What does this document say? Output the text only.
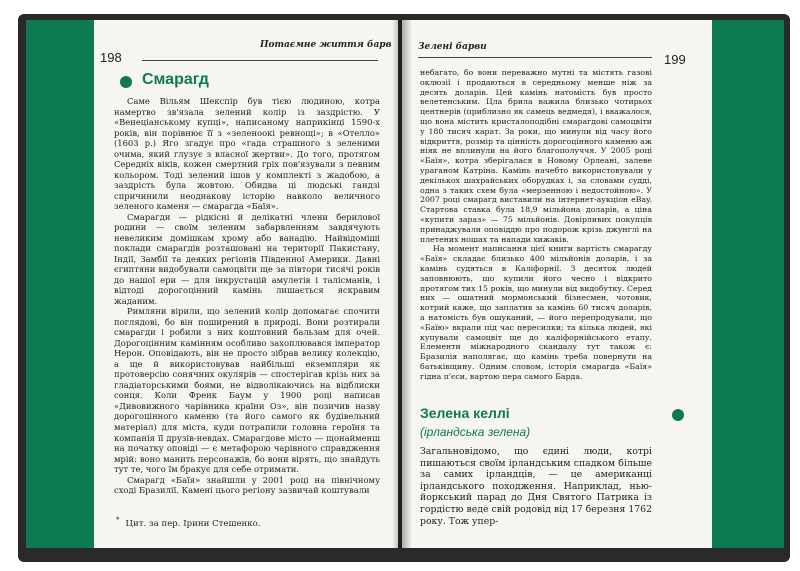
198
Потаємне життя барв
Смарагд

Саме Вільям Шекспір був тією людиною, котра намертво зв'язала зелений колір із заздрістю. У «Венеціанському купці», написаному наприкінці 1590-х років, він порівнює її з «зеленоокі ревнощі»; в «Отелло» (1603 р.) Яго згадує про «гада страшного з зеленими очима, який глузує з власної жертви». До того, протягом Середніх віків, кожен смертний гріх пов'язували з певним кольором. Тоді зелений ішов у комплекті з жадобою, а заздрість була жовтою. Обидва ці людські гандзі спричинили неоднакову історію навколо величного зеленого каменя — смарагда «Баїя».

Смарагди — рідкісні й делікатні члени берилової родини — своїм зеленим забарвленням завдячують невеликим домішкам хрому або ванадію. Найвідоміші поклади смарагдів розташовані на території Пакистану, Індії, Замбії та деяких регіонів Південної Америки. Давні єгиптяни видобували самоцвіти ще за півтори тисячі років до нашої ери — для інкрустацій амулетів і талісманів, і відтоді дорогоцінний камінь лишається яскравим жаданим.

Римляни вірили, що зелений колір допомагає спочити поглядові, бо він поширений в природі. Вони розтирали смарагди і робили з них коштовний бальзам для очей. Дорогоцінним камінням особливо захоплювався імператор Нерон. Оповідають, він не просто зібрав велику колекцію, а ще й використовував найбільші екземпляри як протоверсію сонячних окулярів — спостерігав крізь них за гладіаторськими боями, не відволікаючись на відблиски сонця. Коли Френк Баум у 1900 році написав «Дивовижного чарівника країни Оз», він позичив назву дорогоцінного каменю (та його самого як будівельний матеріал) для міста, куди потрапили головна героїня та компанія її друзів-невдах. Смарагдове місто — щонайменш на початку оповіді — є метафорою чарівного справдження мрій: воно манить персонажів, бо вони вірять, що знайдуть тут те, чого їм бракує для себе отримати.

Смарагд «Баїя» знайшли у 2001 році на північному сході Бразилії. Камені цього регіону зазвичай коштували

* Цит. за пер. Ірини Стешенко.
Зелені барви
199

небагато, бо вони переважно мутні та містять газові оклюзії і продаються в середньому менше ніж за десять доларів. Цей камінь натомість був просто велетенським. Цла брила важила близько чотирьох центнерів (приблизно як самець ведмедя), і вважалося, що вона містить кристалоподібні смарагдові самоцвіти у 180 тисяч карат. За роки, що минули від часу його відкриття, розмір та цінність дорогоцінного каменю аж ніяк не вплинули на його благополуччя. У 2005 році «Баїя», котра зберігалася в Новому Орлеані, залеве ураганом Катріна. Камінь начебто використовували у декількох шахрайських оборудках і, за словами судді, одна з таких схем була «мерзенною і недостойною». У 2007 році смарагд виставили на інтернет-аукціон eBay. Стартова ставка була 18,9 мільйона доларів, а ціна «купити зараз» — 75 мільйонів. Довірливих покупців принаджували оповіддю про подорож крізь джунглі на плетених ношах та напади хижаків.

На момент написання цієї книги вартість смарагду «Баїя» складає близько 400 мільйонів доларів, і за камінь судяться в Каліфорнії. З десяток людей заповнюють, що купили його чесно і відкрито протягом тих 15 років, що минули від видобутку. Серед них — ошатний мормонський бізнесмен, чотовик, котрий каже, що заплатив за камінь 60 тисяч доларів, а натомість був ошуканий, — його перепродували, що «Баїю» вкрали під час пересилки; та кілька людей, які купували самоцвіт ще до каліфорнійського етапу. Елементи міжнародного скандалу тут також є: Бразилія наполягає, що камінь треба повернути на батьківщину. Одним словом, історія смарагда «Баїя» гідна п'єси, вартою пера самого Барда.

Зелена келлі
(ірландська зелена)

Загальновідомо, що єдині люди, котрі пишаються своїм ірландським спадком більше за самих ірландців, — це американці ірландського походження. Наприклад, нью-йоркський парад до Дня Святого Патрика із гордістю веде свій родовід від 17 березня 1762 року. Тож упер-
